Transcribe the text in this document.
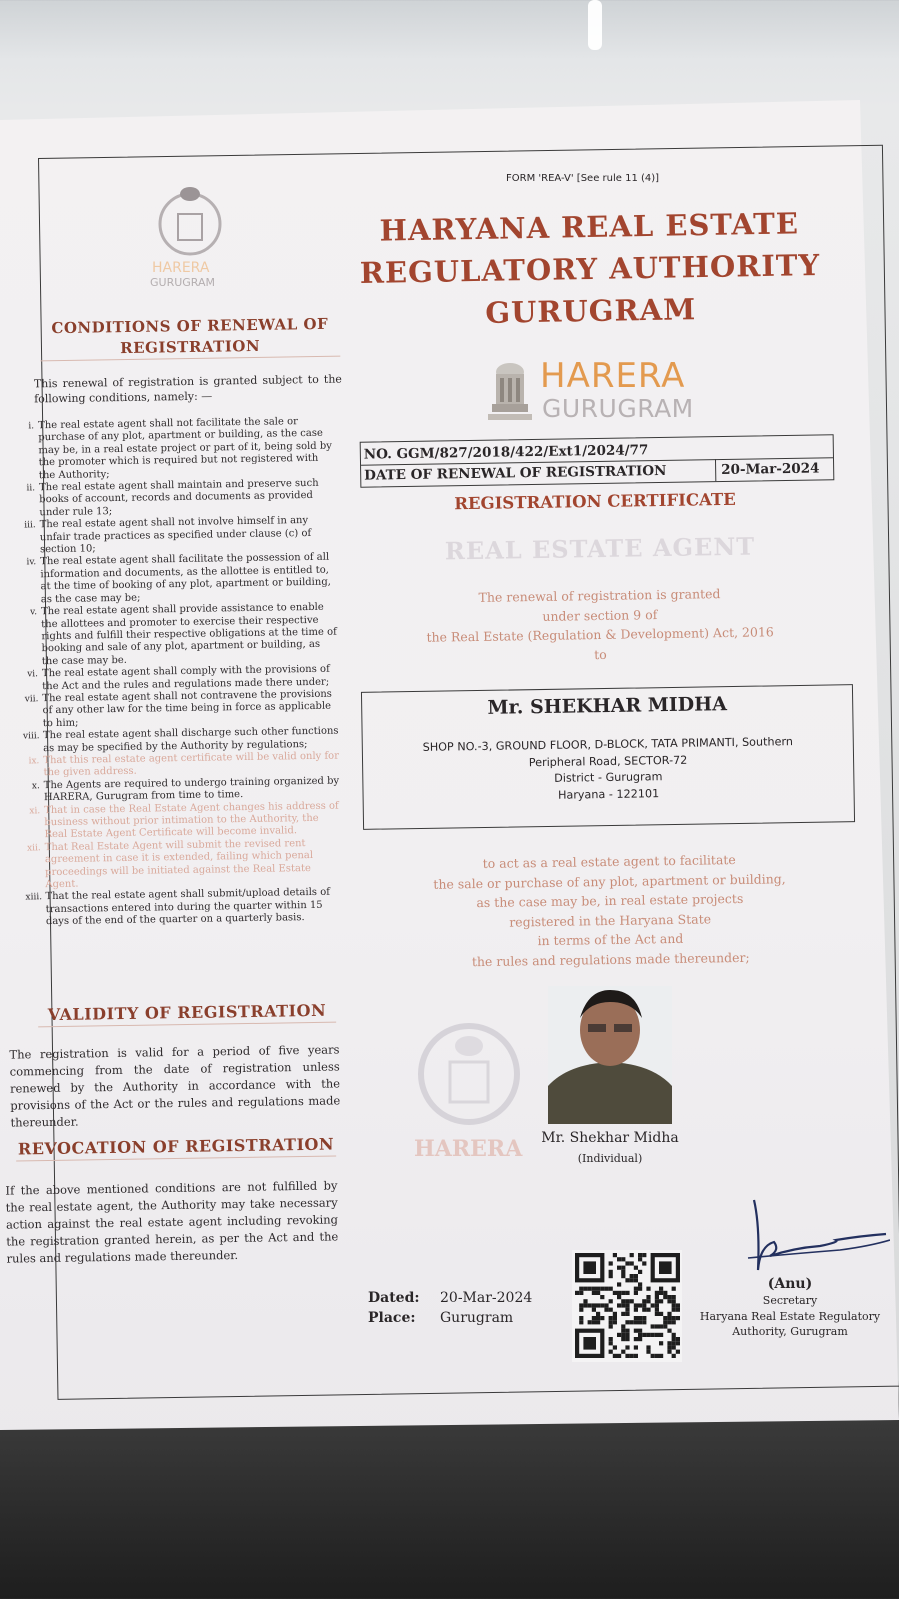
FORM 'REA-V' [See rule 11 (4)]
HARYANA REAL ESTATE
REGULATORY AUTHORITY
GURUGRAM
HARERA
GURUGRAM
NO. GGM/827/2018/422/Ext1/2024/77
DATE OF RENEWAL OF REGISTRATION	20-Mar-2024
REGISTRATION CERTIFICATE
REAL ESTATE AGENT
The renewal of registration is granted
under section 9 of
the Real Estate (Regulation & Development) Act, 2016
to
Mr. SHEKHAR MIDHA
SHOP NO.-3, GROUND FLOOR, D-BLOCK, TATA PRIMANTI, Southern
Peripheral Road, SECTOR-72
District - Gurugram
Haryana - 122101
to act as a real estate agent to facilitate
the sale or purchase of any plot, apartment or building,
as the case may be, in real estate projects
registered in the Haryana State
in terms of the Act and
the rules and regulations made thereunder;
HARERA	Mr. Shekhar Midha
(Individual)
HARERA
GURUGRAM
CONDITIONS OF RENEWAL OF
REGISTRATION
This renewal of registration is granted subject to the following conditions, namely: —
i. The real estate agent shall not facilitate the sale or purchase of any plot, apartment or building, as the case may be, in a real estate project or part of it, being sold by the promoter which is required but not registered with the Authority;
ii. The real estate agent shall maintain and preserve such books of account, records and documents as provided under rule 13;
iii. The real estate agent shall not involve himself in any unfair trade practices as specified under clause (c) of section 10;
iv. The real estate agent shall facilitate the possession of all information and documents, as the allottee is entitled to, at the time of booking of any plot, apartment or building, as the case may be;
v. The real estate agent shall provide assistance to enable the allottees and promoter to exercise their respective rights and fulfill their respective obligations at the time of booking and sale of any plot, apartment or building, as the case may be.
vi. The real estate agent shall comply with the provisions of the Act and the rules and regulations made there under;
vii. The real estate agent shall not contravene the provisions of any other law for the time being in force as applicable to him;
viii. The real estate agent shall discharge such other functions as may be specified by the Authority by regulations;
ix. That this real estate agent certificate will be valid only for the given address.
x. The Agents are required to undergo training organized by HARERA, Gurugram from time to time.
xi. That in case the Real Estate Agent changes his address of business without prior intimation to the Authority, the Real Estate Agent Certificate will become invalid.
xii. That Real Estate Agent will submit the revised rent agreement in case it is extended, failing which penal proceedings will be initiated against the Real Estate Agent.
xiii. That the real estate agent shall submit/upload details of transactions entered into during the quarter within 15 days of the end of the quarter on a quarterly basis.
VALIDITY OF REGISTRATION
The registration is valid for a period of five years commencing from the date of registration unless renewed by the Authority in accordance with the provisions of the Act or the rules and regulations made thereunder.
REVOCATION OF REGISTRATION
If the above mentioned conditions are not fulfilled by the real estate agent, the Authority may take necessary action against the real estate agent including revoking the registration granted herein, as per the Act and the rules and regulations made thereunder.
Dated: 20-Mar-2024
Place: Gurugram
(Anu)
Secretary
Haryana Real Estate Regulatory
Authority, Gurugram
